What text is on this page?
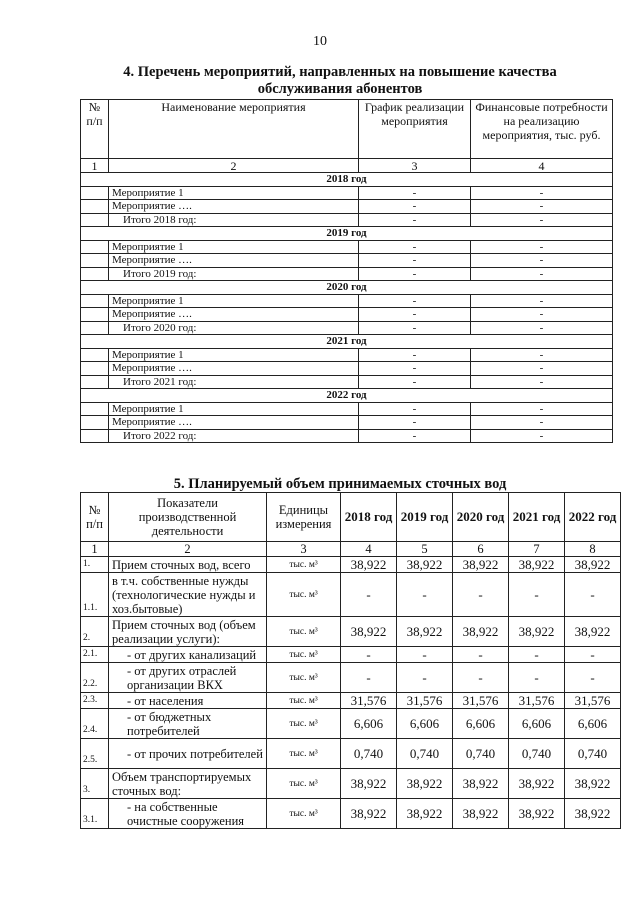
10
4. Перечень мероприятий, направленных на повышение качества обслуживания абонентов
№ п/п	Наименование мероприятия	График реализации мероприятия	Финансовые потребности на реализацию мероприятия, тыс. руб.
1	2	3	4
2018 год			
	Мероприятие 1	-	-
	Мероприятие ….	-	-
	Итого 2018 год:	-	-
2019 год			
	Мероприятие 1	-	-
	Мероприятие ….	-	-
	Итого 2019 год:	-	-
2020 год			
	Мероприятие 1	-	-
	Мероприятие ….	-	-
	Итого 2020 год:	-	-
2021 год			
	Мероприятие 1	-	-
	Мероприятие ….	-	-
	Итого 2021 год:	-	-
2022 год			
	Мероприятие 1	-	-
	Мероприятие ….	-	-
	Итого 2022 год:	-	-
5. Планируемый объем принимаемых сточных вод
№ п/п	Показатели производственной деятельности	Единицы измерения	2018 год	2019 год	2020 год	2021 год	2022 год
1	2	3	4	5	6	7	8
1.	Прием сточных вод, всего	тыс. м³	38,922	38,922	38,922	38,922	38,922
1.1.	в т.ч. собственные нужды (технологические нужды и хоз.бытовые)	тыс. м³	-	-	-	-	-
2.	Прием сточных вод (объем реализации услуги):	тыс. м³	38,922	38,922	38,922	38,922	38,922
2.1.	- от других канализаций	тыс. м³	-	-	-	-	-
2.2.	- от других отраслей организации ВКХ	тыс. м³	-	-	-	-	-
2.3.	- от населения	тыс. м³	31,576	31,576	31,576	31,576	31,576
2.4.	- от бюджетных потребителей	тыс. м³	6,606	6,606	6,606	6,606	6,606
2.5.	- от прочих потребителей	тыс. м³	0,740	0,740	0,740	0,740	0,740
3.	Объем транспортируемых сточных вод:	тыс. м³	38,922	38,922	38,922	38,922	38,922
3.1.	- на собственные очистные сооружения	тыс. м³	38,922	38,922	38,922	38,922	38,922
